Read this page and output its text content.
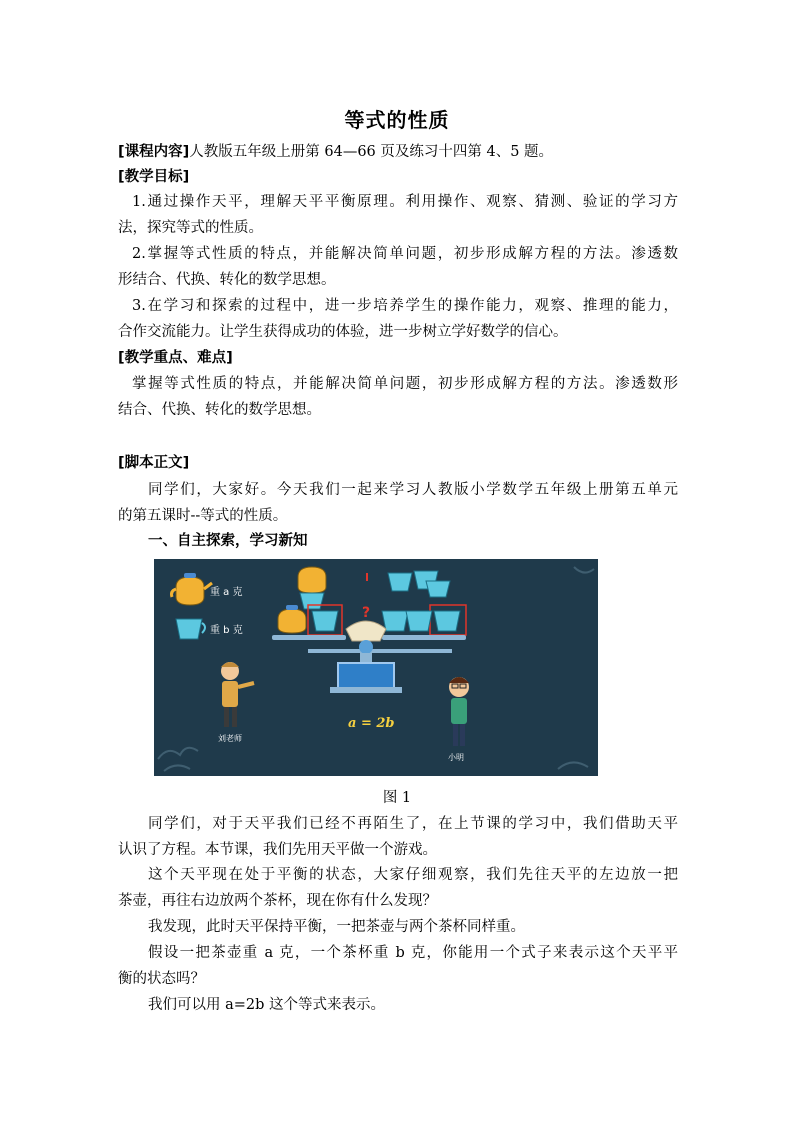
等式的性质
[课程内容]人教版五年级上册第 64—66 页及练习十四第 4、5 题。
[教学目标]
1.通过操作天平，理解天平平衡原理。利用操作、观察、猜测、验证的学习方
法，探究等式的性质。
2.掌握等式性质的特点，并能解决简单问题，初步形成解方程的方法。渗透数
形结合、代换、转化的数学思想。
3.在学习和探索的过程中，进一步培养学生的操作能力，观察、推理的能力，
合作交流能力。让学生获得成功的体验，进一步树立学好数学的信心。
[教学重点、难点]
掌握等式性质的特点，并能解决简单问题，初步形成解方程的方法。渗透数形
结合、代换、转化的数学思想。
[脚本正文]
同学们，大家好。今天我们一起来学习人教版小学数学五年级上册第五单元
的第五课时--等式的性质。
一、自主探索，学习新知
重 a 克
重 b 克
?
刘老师
a = 2b
小明
图 1
同学们，对于天平我们已经不再陌生了，在上节课的学习中，我们借助天平
认识了方程。本节课，我们先用天平做一个游戏。
这个天平现在处于平衡的状态，大家仔细观察，我们先往天平的左边放一把
茶壶，再往右边放两个茶杯，现在你有什么发现？
我发现，此时天平保持平衡，一把茶壶与两个茶杯同样重。
假设一把茶壶重 a 克，一个茶杯重 b 克，你能用一个式子来表示这个天平平
衡的状态吗？
我们可以用 a=2b 这个等式来表示。
